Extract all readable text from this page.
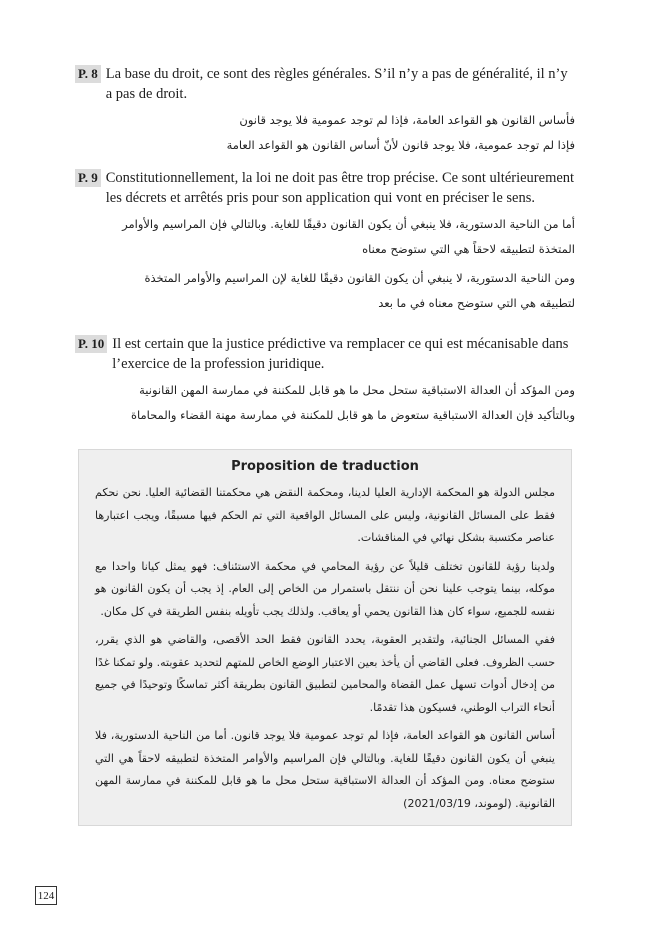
P. 8 La base du droit, ce sont des règles générales. S’il n’y a pas de généralité, il n’y a pas de droit.

فأساس القانون هو القواعد العامة، فإذا لم توجد عمومية فلا يوجد قانون

فإذا لم توجد عمومية، فلا يوجد قانون لأنّ أساس القانون هو القواعد العامة

P. 9 Constitutionnellement, la loi ne doit pas être trop précise. Ce sont ultérieurement les décrets et arrêtés pris pour son application qui vont en préciser le sens.

أما من الناحية الدستورية، فلا ينبغي أن يكون القانون دقيقًا للغاية. وبالتالي فإن المراسيم والأوامر المتخذة لتطبيقه لاحقاً هي التي ستوضح معناه

ومن الناحية الدستورية، لا ينبغي أن يكون القانون دقيقًا للغاية لإن المراسيم والأوامر المتخذة لتطبيقه هي التي ستوضح معناه في ما بعد

P. 10 Il est certain que la justice prédictive va remplacer ce qui est mécanisable dans l’exercice de la profession juridique.

ومن المؤكد أن العدالة الاستباقية ستحل محل ما هو قابل للمكننة في ممارسة المهن القانونية

وبالتأكيد فإن العدالة الاستباقية ستعوض ما هو قابل للمكننة في ممارسة مهنة القضاء والمحاماة

Proposition de traduction

مجلس الدولة هو المحكمة الإدارية العليا لدينا، ومحكمة النقض هي محكمتنا القضائية العليا. نحن نحكم فقط على المسائل القانونية، وليس على المسائل الواقعية التي تم الحكم فيها مسبقًا، ويجب اعتبارها عناصر مكتسبة بشكل نهائي في المناقشات.

ولدينا رؤية للقانون تختلف قليلاً عن رؤية المحامي في محكمة الاستئناف: فهو يمثل كيانا واحدا مع موكله، بينما يتوجب علينا نحن أن ننتقل باستمرار من الخاص إلى العام. إذ يجب أن يكون القانون هو نفسه للجميع، سواء كان هذا القانون يحمي أو يعاقب. ولذلك يجب تأويله بنفس الطريقة في كل مكان.

ففي المسائل الجنائية، ولتقدير العقوبة، يحدد القانون فقط الحد الأقصى، والقاضي هو الذي يقرر، حسب الظروف. فعلى القاضي أن يأخذ بعين الاعتبار الوضع الخاص للمتهم لتحديد عقوبته. ولو تمكنا غدًا من إدخال أدوات تسهل عمل القضاة والمحامين لتطبيق القانون بطريقة أكثر تماسكًا وتوحيدًا في جميع أنحاء التراب الوطني، فسيكون هذا تقدمًا.

أساس القانون هو القواعد العامة، فإذا لم توجد عمومية فلا يوجد قانون. أما من الناحية الدستورية، فلا ينبغي أن يكون القانون دقيقًا للغاية. وبالتالي فإن المراسيم والأوامر المتخذة لتطبيقه لاحقاً هي التي ستوضح معناه. ومن المؤكد أن العدالة الاستباقية ستحل محل ما هو قابل للمكننة في ممارسة المهن القانونية. (لوموند، 2021/03/19)

124
